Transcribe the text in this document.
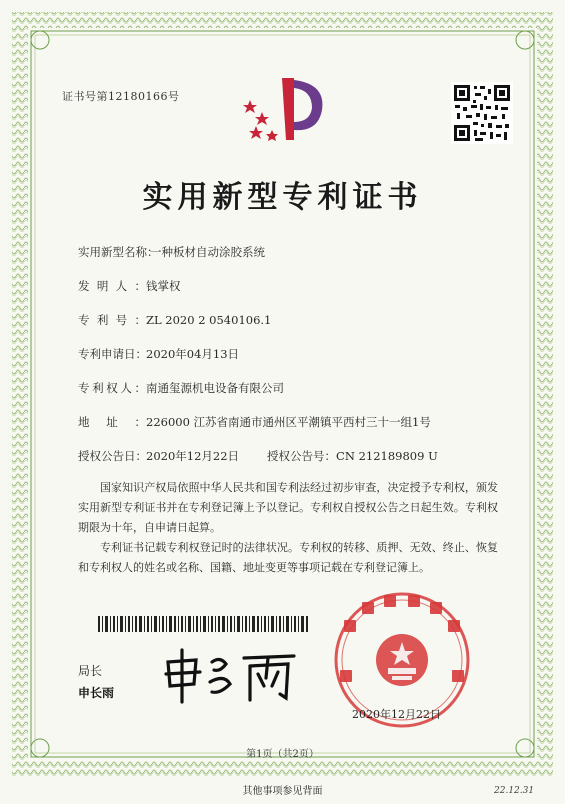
证书号第12180166号
实用新型专利证书
实用新型名称：一种板材自动涂胶系统
发明人：钱掌权
专利号：ZL 2020 2 0540106.1
专利申请日：2020年04月13日
专利权人：南通玺源机电设备有限公司
地址：226000 江苏省南通市通州区平潮镇平西村三十一组1号
授权公告日：2020年12月22日 授权公告号：CN 212189809 U
国家知识产权局依照中华人民共和国专利法经过初步审查，决定授予专利权，颁发实用新型专利证书并在专利登记簿上予以登记。专利权自授权公告之日起生效。专利权期限为十年，自申请日起算。
专利证书记载专利权登记时的法律状况。专利权的转移、质押、无效、终止、恢复和专利权人的姓名或名称、国籍、地址变更等事项记载在专利登记簿上。
局长
申长雨
2020年12月22日
第1页（共2页）
其他事项参见背面	22.12.31
